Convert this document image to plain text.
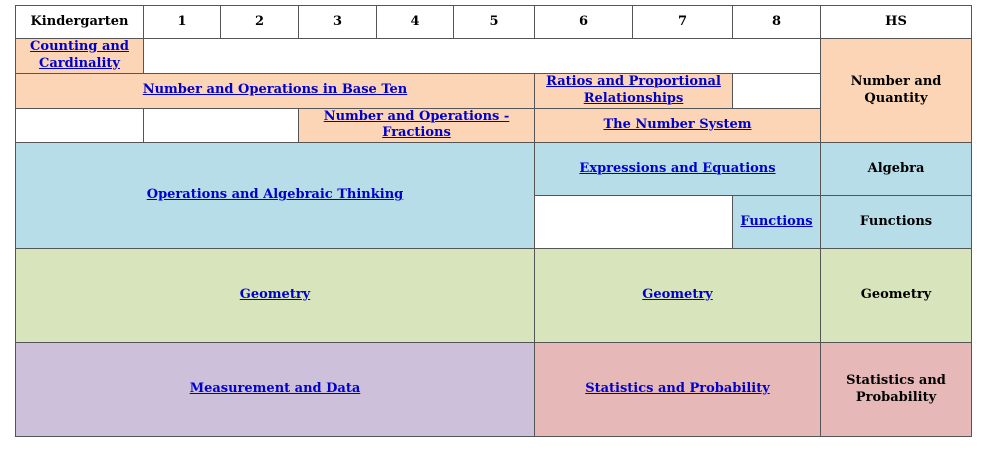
Kindergarten	1	2	3	4	5	6	7	8	HS
Counting and Cardinality									Number and Quantity
Number and Operations in Base Ten						Ratios and Proportional Relationships			
			Number and Operations - Fractions			The Number System			
Operations and Algebraic Thinking						Expressions and Equations			Algebra
								Functions	Functions
Geometry						Geometry			Geometry
Measurement and Data						Statistics and Probability			Statistics and Probability
